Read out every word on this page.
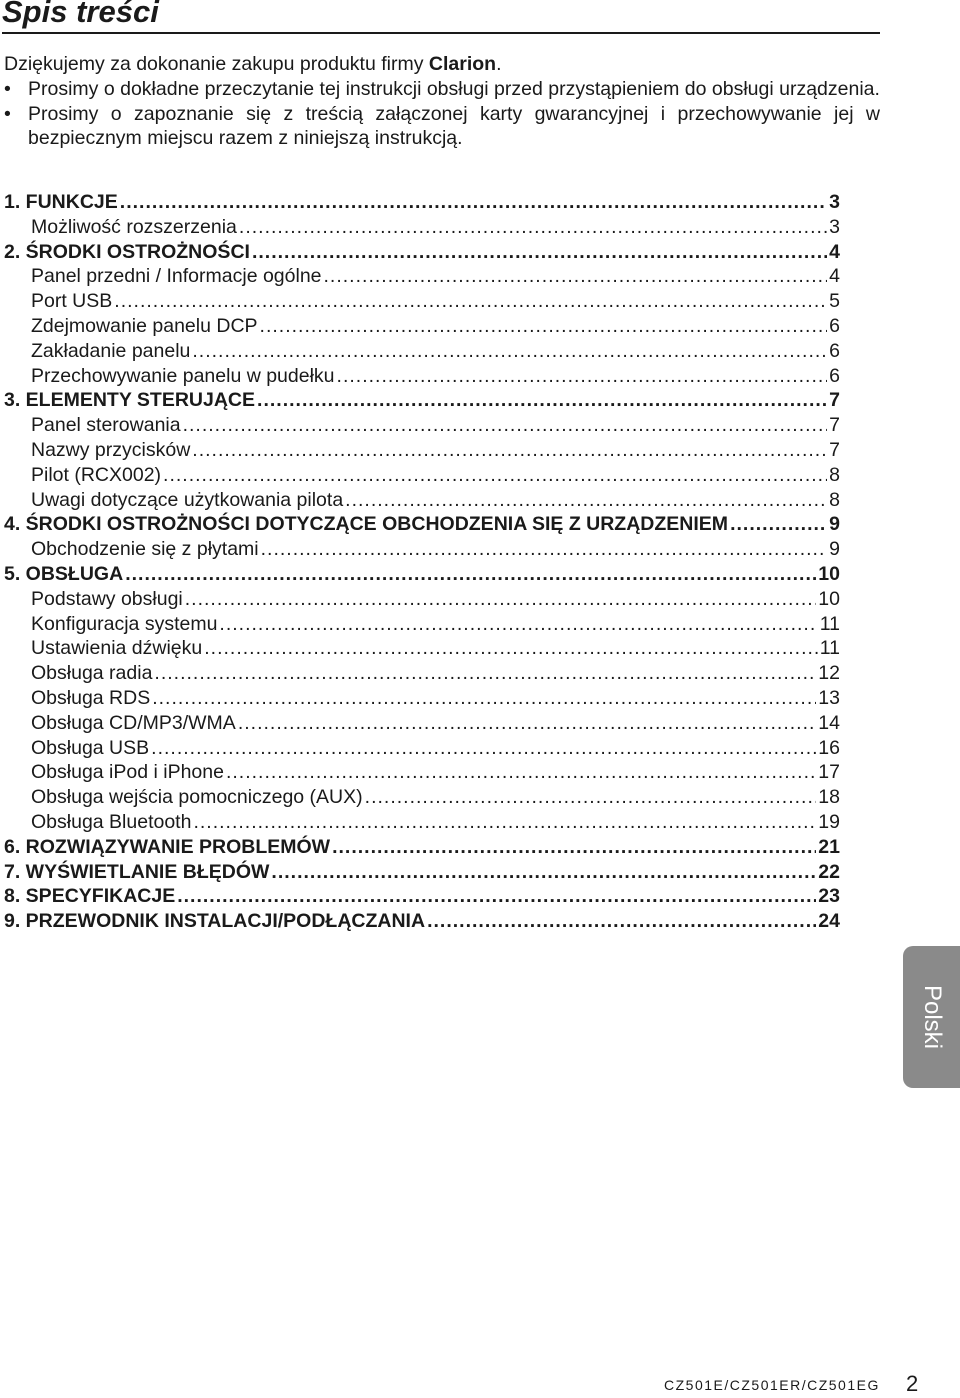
Spis treści

Dziękujemy za dokonanie zakupu produktu firmy Clarion.

• Prosimy o dokładne przeczytanie tej instrukcji obsługi przed przystąpieniem do obsługi urządzenia.

• Prosimy o zapoznanie się z treścią załączonej karty gwarancyjnej i przechowywanie jej w bezpiecznym miejscu razem z niniejszą instrukcją.

1. FUNKCJE .....	3
Możliwość rozszerzenia .....	3
2. ŚRODKI OSTROŻNOŚCI .....	4
Panel przedni / Informacje ogólne .....	4
Port USB .....	5
Zdejmowanie panelu DCP .....	6
Zakładanie panelu .....	6
Przechowywanie panelu w pudełku .....	6
3. ELEMENTY STERUJĄCE .....	7
Panel sterowania .....	7
Nazwy przycisków .....	7
Pilot (RCX002) .....	8
Uwagi dotyczące użytkowania pilota .....	8
4. ŚRODKI OSTROŻNOŚCI DOTYCZĄCE OBCHODZENIA SIĘ Z URZĄDZENIEM .....	9
Obchodzenie się z płytami .....	9
5. OBSŁUGA .....	10
Podstawy obsługi .....	10
Konfiguracja systemu .....	11
Ustawienia dźwięku .....	11
Obsługa radia .....	12
Obsługa RDS .....	13
Obsługa CD/MP3/WMA .....	14
Obsługa USB .....	16
Obsługa iPod i iPhone .....	17
Obsługa wejścia pomocniczego (AUX) .....	18
Obsługa Bluetooth .....	19
6. ROZWIĄZYWANIE PROBLEMÓW .....	21
7. WYŚWIETLANIE BŁĘDÓW .....	22
8. SPECYFIKACJE .....	23
9. PRZEWODNIK INSTALACJI/PODŁĄCZANIA .....	24
Polski
CZ501E/CZ501ER/CZ501EG 2
